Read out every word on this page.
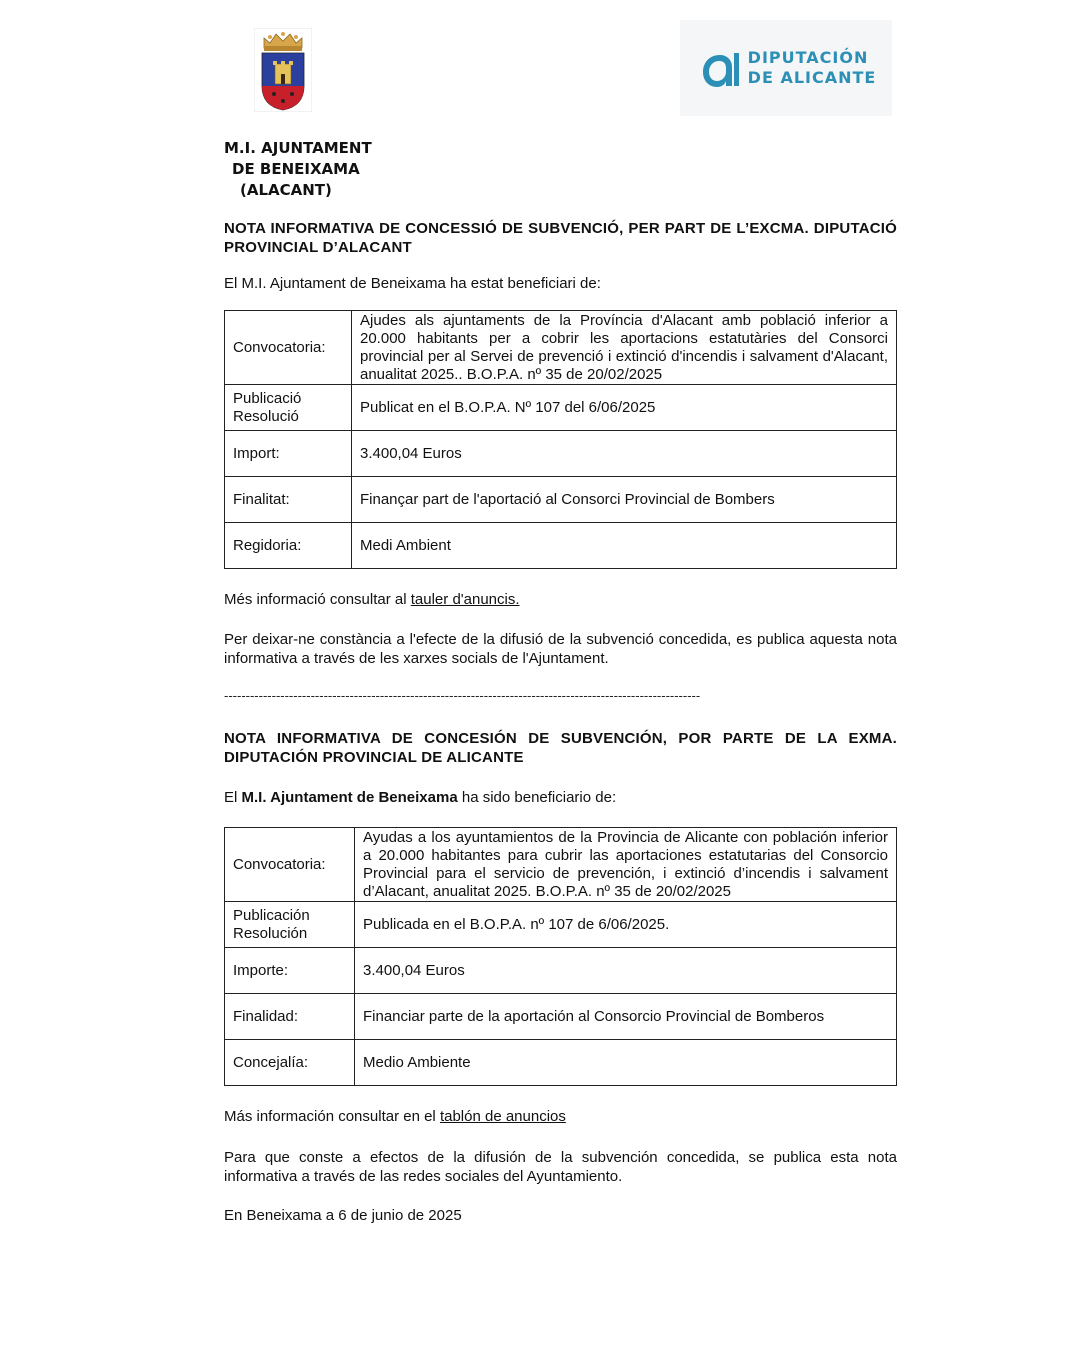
DIPUTACIÓN
DE ALICANTE
M.I. AJUNTAMENT
DE BENEIXAMA
(ALACANT)
NOTA INFORMATIVA DE CONCESSIÓ DE SUBVENCIÓ, PER PART DE L’EXCMA. DIPUTACIÓ PROVINCIAL D’ALACANT
El M.I. Ajuntament de Beneixama ha estat beneficiari de:
Convocatoria:	Ajudes als ajuntaments de la Província d'Alacant amb població inferior a 20.000 habitants per a cobrir les aportacions estatutàries del Consorci provincial per al Servei de prevenció i extinció d'incendis i salvament d'Alacant, anualitat 2025.. B.O.P.A. nº 35 de 20/02/2025
Publicació Resolució	Publicat en el B.O.P.A. Nº 107 del 6/06/2025
Import:	3.400,04 Euros
Finalitat:	Finançar part de l'aportació al Consorci Provincial de Bombers
Regidoria:	Medi Ambient
Més informació consultar al tauler d'anuncis.
Per deixar-ne constància a l'efecte de la difusió de la subvenció concedida, es publica aquesta nota informativa a través de les xarxes socials de l'Ajuntament.
--------------------------------------------------------------------------------------------------------------
NOTA INFORMATIVA DE CONCESIÓN DE SUBVENCIÓN, POR PARTE DE LA EXMA. DIPUTACIÓN PROVINCIAL DE ALICANTE
El M.I. Ajuntament de Beneixama ha sido beneficiario de:
Convocatoria:	Ayudas a los ayuntamientos de la Provincia de Alicante con población inferior a 20.000 habitantes para cubrir las aportaciones estatutarias del Consorcio Provincial para el servicio de prevención, i extinció d’incendis i salvament d’Alacant, anualitat 2025. B.O.P.A. nº 35 de 20/02/2025
Publicación Resolución	Publicada en el B.O.P.A. nº 107 de 6/06/2025.
Importe:	3.400,04 Euros
Finalidad:	Financiar parte de la aportación al Consorcio Provincial de Bomberos
Concejalía:	Medio Ambiente
Más información consultar en el tablón de anuncios
Para que conste a efectos de la difusión de la subvención concedida, se publica esta nota informativa a través de las redes sociales del Ayuntamiento.
En Beneixama a 6 de junio de 2025
